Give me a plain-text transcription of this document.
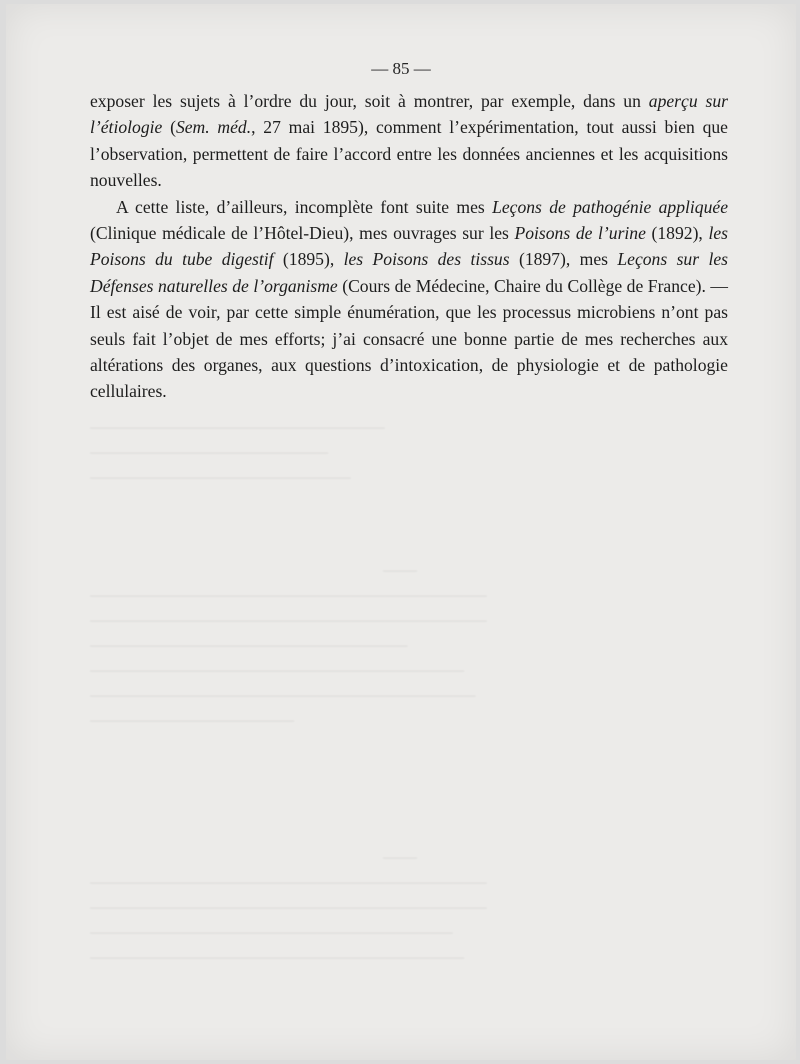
— 85 —

exposer les sujets à l’ordre du jour, soit à montrer, par exemple, dans un aperçu sur l’étiologie (Sem. méd., 27 mai 1895), comment l’expérimentation, tout aussi bien que l’observation, permettent de faire l’accord entre les données anciennes et les acquisitions nouvelles.

A cette liste, d’ailleurs, incomplète font suite mes Leçons de pathogénie appliquée (Clinique médicale de l’Hôtel-Dieu), mes ouvrages sur les Poisons de l’urine (1892), les Poisons du tube digestif (1895), les Poisons des tissus (1897), mes Leçons sur les Défenses naturelles de l’organisme (Cours de Médecine, Chaire du Collège de France). — Il est aisé de voir, par cette simple énumération, que les processus microbiens n’ont pas seuls fait l’objet de mes efforts; j’ai consacré une bonne partie de mes recherches aux altérations des organes, aux questions d’intoxication, de physiologie et de pathologie cellulaires.

──────────────────────────
─────────────────────
───────────────────────
───
───────────────────────────────────
───────────────────────────────────
────────────────────────────
─────────────────────────────────
──────────────────────────────────
──────────────────
───
───────────────────────────────────
───────────────────────────────────
────────────────────────────────
─────────────────────────────────
